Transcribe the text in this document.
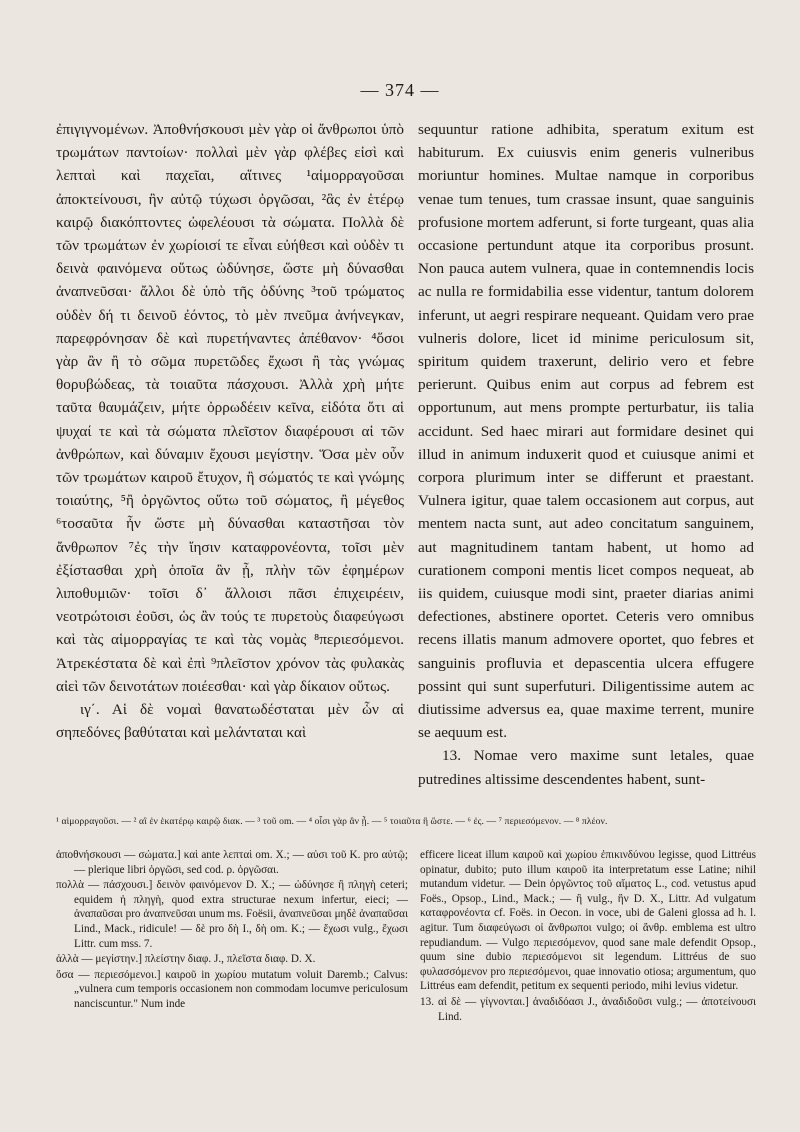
— 374 —

ἐπιγιγνομένων. Ἀποθνήσκουσι μὲν γὰρ οἱ ἄνθρωποι ὑπὸ τρωμάτων παντοίων· πολλαὶ μὲν γὰρ φλέβες εἰσὶ καὶ λεπταὶ καὶ παχεῖαι, αἵτινες ¹αἱμορραγοῦσαι ἀποκτείνουσι, ἢν αὐτῷ τύχωσι ὀργῶσαι, ²ἃς ἐν ἑτέρῳ καιρῷ διακόπτοντες ὠφελέουσι τὰ σώματα. Πολλὰ δὲ τῶν τρωμάτων ἐν χωρίοισί τε εἶναι εὐήθεσι καὶ οὐδὲν τι δεινὰ φαινόμενα οὕτως ὠδύνησε, ὥστε μὴ δύνασθαι ἀναπνεῦσαι· ἄλλοι δὲ ὑπὸ τῆς ὀδύνης ³τοῦ τρώματος οὐδὲν δή τι δεινοῦ ἐόντος, τὸ μὲν πνεῦμα ἀνήνεγκαν, παρεφρόνησαν δὲ καὶ πυρετήναντες ἀπέθανον· ⁴ὅσοι γὰρ ἂν ἢ τὸ σῶμα πυρετῶδες ἔχωσι ἢ τὰς γνώμας θορυβώδεας, τὰ τοιαῦτα πάσχουσι. Ἀλλὰ χρὴ μήτε ταῦτα θαυμάζειν, μήτε ὀρρωδέειν κεῖνα, εἰδότα ὅτι αἱ ψυχαί τε καὶ τὰ σώματα πλεῖστον διαφέρουσι αἱ τῶν ἀνθρώπων, καὶ δύναμιν ἔχουσι μεγίστην. Ὅσα μὲν οὖν τῶν τρωμάτων καιροῦ ἔτυχον, ἢ σώματός τε καὶ γνώμης τοιαύτης, ⁵ἢ ὀργῶντος οὕτω τοῦ σώματος, ἢ μέγεθος ⁶τοσαῦτα ἦν ὥστε μὴ δύνασθαι καταστῆσαι τὸν ἄνθρωπον ⁷ἐς τὴν ἴησιν καταφρονέοντα, τοῖσι μὲν ἐξίστασθαι χρὴ ὁποῖα ἂν ᾖ, πλὴν τῶν ἐφημέρων λιποθυμιῶν· τοῖσι δ᾽ ἄλλοισι πᾶσι ἐπιχειρέειν, νεοτρώτοισι ἐοῦσι, ὡς ἂν τούς τε πυρετοὺς διαφεύγωσι καὶ τὰς αἱμορραγίας τε καὶ τὰς νομὰς ⁸περιεσόμενοι. Ἀτρεκέστατα δὲ καὶ ἐπὶ ⁹πλεῖστον χρόνον τὰς φυλακὰς αἰεὶ τῶν δεινοτάτων ποιέεσθαι· καὶ γὰρ δίκαιον οὕτως.

ιγ΄. Αἱ δὲ νομαὶ θανατωδέσταται μὲν ὧν αἱ σηπεδόνες βαθύταται καὶ μελάνταται καὶ

sequuntur ratione adhibita, speratum exitum est habiturum. Ex cuiusvis enim generis vulneribus moriuntur homines. Multae namque in corporibus venae tum tenues, tum crassae insunt, quae sanguinis profusione mortem adferunt, si forte turgeant, quas alia occasione pertundunt atque ita corporibus prosunt. Non pauca autem vulnera, quae in contemnendis locis ac nulla re formidabilia esse videntur, tantum dolorem inferunt, ut aegri respirare nequeant. Quidam vero prae vulneris dolore, licet id minime periculosum sit, spiritum quidem traxerunt, delirio vero et febre perierunt. Quibus enim aut corpus ad febrem est opportunum, aut mens prompte perturbatur, iis talia accidunt. Sed haec mirari aut formidare desinet qui illud in animum induxerit quod et cuiusque animi et corpora plurimum inter se differunt et praestant. Vulnera igitur, quae talem occasionem aut corpus, aut mentem nacta sunt, aut adeo concitatum sanguinem, aut magnitudinem tantam habent, ut homo ad curationem componi mentis licet compos nequeat, ab iis quidem, cuiusque modi sint, praeter diarias animi defectiones, abstinere oportet. Ceteris vero omnibus recens illatis manum admovere oportet, quo febres et sanguinis profluvia et depascentia ulcera effugere possint qui sunt superfuturi. Diligentissime autem ac diutissime adversus ea, quae maxime terrent, munire se aequum est.

13. Nomae vero maxime sunt letales, quae putredines altissime descendentes habent, sunt-

¹ αἱμορραγοῦσι. — ² αἳ ἐν ἑκατέρῳ καιρῷ διακ. — ³ τοῦ om. — ⁴ οἷσι γὰρ ἂν ᾖ. — ⁵ τοιαῦτα ἢ ὥστε. — ⁶ ἐς. — ⁷ περιεσόμενον. — ⁸ πλέον.

ἀποθνήσκουσι — σώματα.] καὶ ante λεπταὶ om. X.; — αὐσι τοῦ K. pro αὐτῷ; — plerique libri ὀργῶσι, sed cod. ρ. ὀργῶσαι.

πολλὰ — πάσχουσι.] δεινὸν φαινόμενον D. X.; — ὠδύνησε ἢ πληγὴ ceteri; equidem ἡ πληγὴ, quod extra structurae nexum infertur, eieci; — ἀναπαῦσαι pro ἀναπνεῦσαι unum ms. Foësii, ἀναπνεῦσαι μηδὲ ἀναπαῦσαι Lind., Mack., ridicule! — δὲ pro δὴ I., δὴ om. K.; — ἔχωσι vulg., ἔχωσι Littr. cum mss. 7.

ἀλλὰ — μεγίστην.] πλείστην διαφ. J., πλεῖστα διαφ. D. X.

ὅσα — περιεσόμενοι.] καιροῦ in χωρίου mutatum voluit Daremb.; Calvus: „vulnera cum temporis occasionem non commodam locumve periculosum nanciscuntur." Num inde

efficere liceat illum καιροῦ καὶ χωρίου ἐπικινδύνου legisse, quod Littréus opinatur, dubito; puto illum καιροῦ ita interpretatum esse Latine; nihil mutandum videtur. — Dein ὀργῶντος τοῦ αἵματος L., cod. vetustus apud Foës., Opsop., Lind., Mack.; — ἢ vulg., ἢν D. X., Littr. Ad vulgatum καταφρονέοντα cf. Foës. in Oecon. in voce, ubi de Galeni glossa ad h. l. agitur. Tum διαφεύγωσι οἱ ἄνθρωποι vulgo; οἱ ἄνθρ. emblema est ultro repudiandum. — Vulgo περιεσόμενον, quod sane male defendit Opsop., quum sine dubio περιεσόμενοι sit legendum. Littréus de suo φυλασσόμενον pro περιεσόμενοι, quae innovatio otiosa; argumentum, quo Littréus eam defendit, petitum ex sequenti periodo, mihi levius videtur.

13. αἱ δὲ — γίγνονται.] ἀναδιδόασι J., ἀναδιδοῦσι vulg.; — ἀποτείνουσι Lind.
